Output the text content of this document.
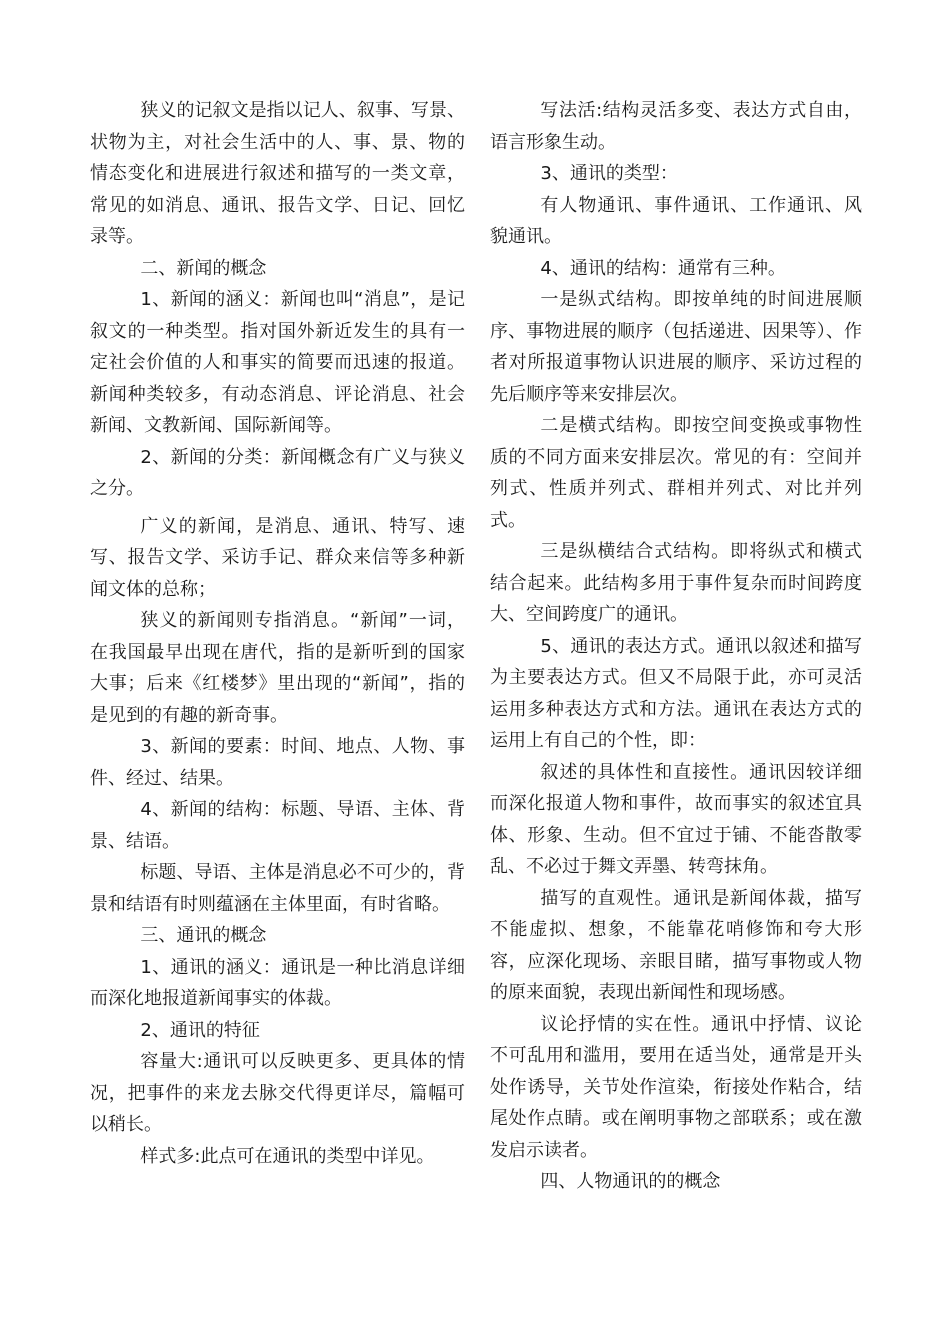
狭义的记叙文是指以记人、叙事、写景、状物为主，对社会生活中的人、事、景、物的情态变化和进展进行叙述和描写的一类文章，常见的如消息、通讯、报告文学、日记、回忆录等。

二、新闻的概念

1、新闻的涵义：新闻也叫“消息”，是记叙文的一种类型。指对国外新近发生的具有一定社会价值的人和事实的简要而迅速的报道。新闻种类较多，有动态消息、评论消息、社会新闻、文教新闻、国际新闻等。

2、新闻的分类：新闻概念有广义与狭义之分。

广义的新闻，是消息、通讯、特写、速写、报告文学、采访手记、群众来信等多种新闻文体的总称；

狭义的新闻则专指消息。“新闻”一词，在我国最早出现在唐代，指的是新听到的国家大事；后来《红楼梦》里出现的“新闻”，指的是见到的有趣的新奇事。

3、新闻的要素：时间、地点、人物、事件、经过、结果。

4、新闻的结构：标题、导语、主体、背景、结语。

标题、导语、主体是消息必不可少的，背景和结语有时则蕴涵在主体里面，有时省略。

三、通讯的概念

1、通讯的涵义：通讯是一种比消息详细而深化地报道新闻事实的体裁。

2、通讯的特征

容量大:通讯可以反映更多、更具体的情况，把事件的来龙去脉交代得更详尽，篇幅可以稍长。

样式多:此点可在通讯的类型中详见。

写法活:结构灵活多变、表达方式自由，语言形象生动。

3、通讯的类型：

有人物通讯、事件通讯、工作通讯、风貌通讯。

4、通讯的结构：通常有三种。

一是纵式结构。即按单纯的时间进展顺序、事物进展的顺序（包括递进、因果等）、作者对所报道事物认识进展的顺序、采访过程的先后顺序等来安排层次。

二是横式结构。即按空间变换或事物性质的不同方面来安排层次。常见的有：空间并列式、性质并列式、群相并列式、对比并列式。

三是纵横结合式结构。即将纵式和横式结合起来。此结构多用于事件复杂而时间跨度大、空间跨度广的通讯。

5、通讯的表达方式。通讯以叙述和描写为主要表达方式。但又不局限于此，亦可灵活运用多种表达方式和方法。通讯在表达方式的运用上有自己的个性，即：

叙述的具体性和直接性。通讯因较详细而深化报道人物和事件，故而事实的叙述宜具体、形象、生动。但不宜过于铺、不能沓散零乱、不必过于舞文弄墨、转弯抹角。

描写的直观性。通讯是新闻体裁，描写不能虚拟、想象，不能靠花哨修饰和夸大形容，应深化现场、亲眼目睹，描写事物或人物的原来面貌，表现出新闻性和现场感。

议论抒情的实在性。通讯中抒情、议论不可乱用和滥用，要用在适当处，通常是开头处作诱导，关节处作渲染，衔接处作粘合，结尾处作点睛。或在阐明事物之部联系；或在激发启示读者。

四、人物通讯的的概念
